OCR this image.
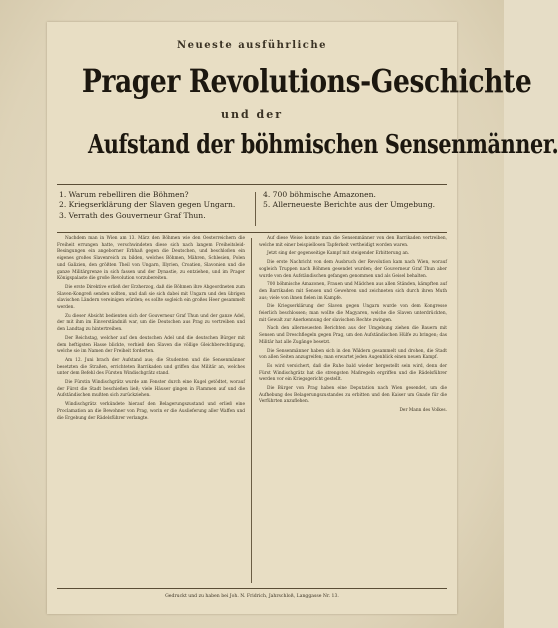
Neueste ausführliche
Prager Revolutions-Geschichte
und der
Aufstand der böhmischen Sensenmänner.
1. Warum rebelliren die Böhmen?
2. Kriegserklärung der Slaven gegen Ungarn.
3. Verrath des Gouverneur Graf Thun.
4. 700 böhmische Amazonen.
5. Allerneueste Berichte aus der Umgebung.

Nachdem man in Wien am 13. März den Böhmen wie den Oesterreichern die Freiheit errungen hatte, verschwindeten diese sich nach langem Freiheitsleid-Besingungen ein angeborner Erbhaß gegen die Deutschen, und beschloßen ein eigenes großes Slavenreich zu bilden, welches Böhmen, Mähren, Schlesien, Polen und Galizien, den größten Theil von Ungarn, Illyrien, Croatien, Slavonien und die ganze Militärgrenze in sich fassen und der Dynastie, zu entziehen, und im Prager Königspalaste die große Revolution vorzubereiten.

Die erste Direktive erließ der Erzherzog, daß die Böhmen ihre Abgeordneten zum Slaven-Kongreß senden sollten, und daß sie sich dabei mit Ungarn und den übrigen slavischen Ländern vereinigen würden; es sollte sogleich ein großes Heer gesammelt werden.

Zu dieser Absicht bedienten sich der Gouverneur Graf Thun und der ganze Adel, der mit ihm im Einverständniß war, um die Deutschen aus Prag zu vertreiben und den Landtag zu hintertreiben.

Der Reichstag, welcher auf den deutschen Adel und die deutschen Bürger mit dem heftigsten Hasse blickte, verhieß den Slaven die völlige Gleichberechtigung, welche sie im Namen der Freiheit forderten.

Am 12. Juni brach der Aufstand aus; die Studenten und die Sensenmänner besetzten die Straßen, errichteten Barrikaden und griffen das Militär an, welches unter dem Befehl des Fürsten Windischgrätz stand.

Die Fürstin Windischgrätz wurde am Fenster durch eine Kugel getödtet, worauf der Fürst die Stadt beschießen ließ; viele Häuser gingen in Flammen auf und die Aufständischen mußten sich zurückziehen.

Windischgrätz verkündete hierauf den Belagerungszustand und erließ eine Proclamation an die Bewohner von Prag, worin er die Auslieferung aller Waffen und die Ergebung der Rädelsführer verlangte.

Auf diese Weise konnte man die Sensenmänner von den Barrikaden vertreiben, welche mit einer beispiellosen Tapferkeit vertheidigt worden waren.

Jetzt sing der gegenseitige Kampf mit steigender Erbitterung an.

Die erste Nachricht von dem Ausbruch der Revolution kam nach Wien, worauf sogleich Truppen nach Böhmen gesendet wurden; der Gouverneur Graf Thun aber wurde von den Aufständischen gefangen genommen und als Geisel behalten.

700 böhmische Amazonen, Frauen und Mädchen aus allen Ständen, kämpften auf den Barrikaden mit Sensen und Gewehren und zeichneten sich durch ihren Muth aus; viele von ihnen fielen im Kampfe.

Die Kriegserklärung der Slaven gegen Ungarn wurde von dem Kongresse feierlich beschlossen; man wollte die Magyaren, welche die Slaven unterdrückten, mit Gewalt zur Anerkennung der slavischen Rechte zwingen.

Nach den allerneuesten Berichten aus der Umgebung ziehen die Bauern mit Sensen und Dreschflegeln gegen Prag, um den Aufständischen Hülfe zu bringen; das Militär hat alle Zugänge besetzt.

Die Sensenmänner haben sich in den Wäldern gesammelt und drohen, die Stadt von allen Seiten anzugreifen; man erwartet jeden Augenblick einen neuen Kampf.

Es wird versichert, daß die Ruhe bald wieder hergestellt sein wird, denn der Fürst Windischgrätz hat die strengsten Maßregeln ergriffen und die Rädelsführer werden vor ein Kriegsgericht gestellt.

Die Bürger von Prag haben eine Deputation nach Wien gesendet, um die Aufhebung des Belagerungszustandes zu erbitten und den Kaiser um Gnade für die Verführten anzuflehen.

Der Mann des Volkes.

Gedruckt und zu haben bei Joh. N. Fridrich, Jahrschloß, Langgasse Nr. 13.
